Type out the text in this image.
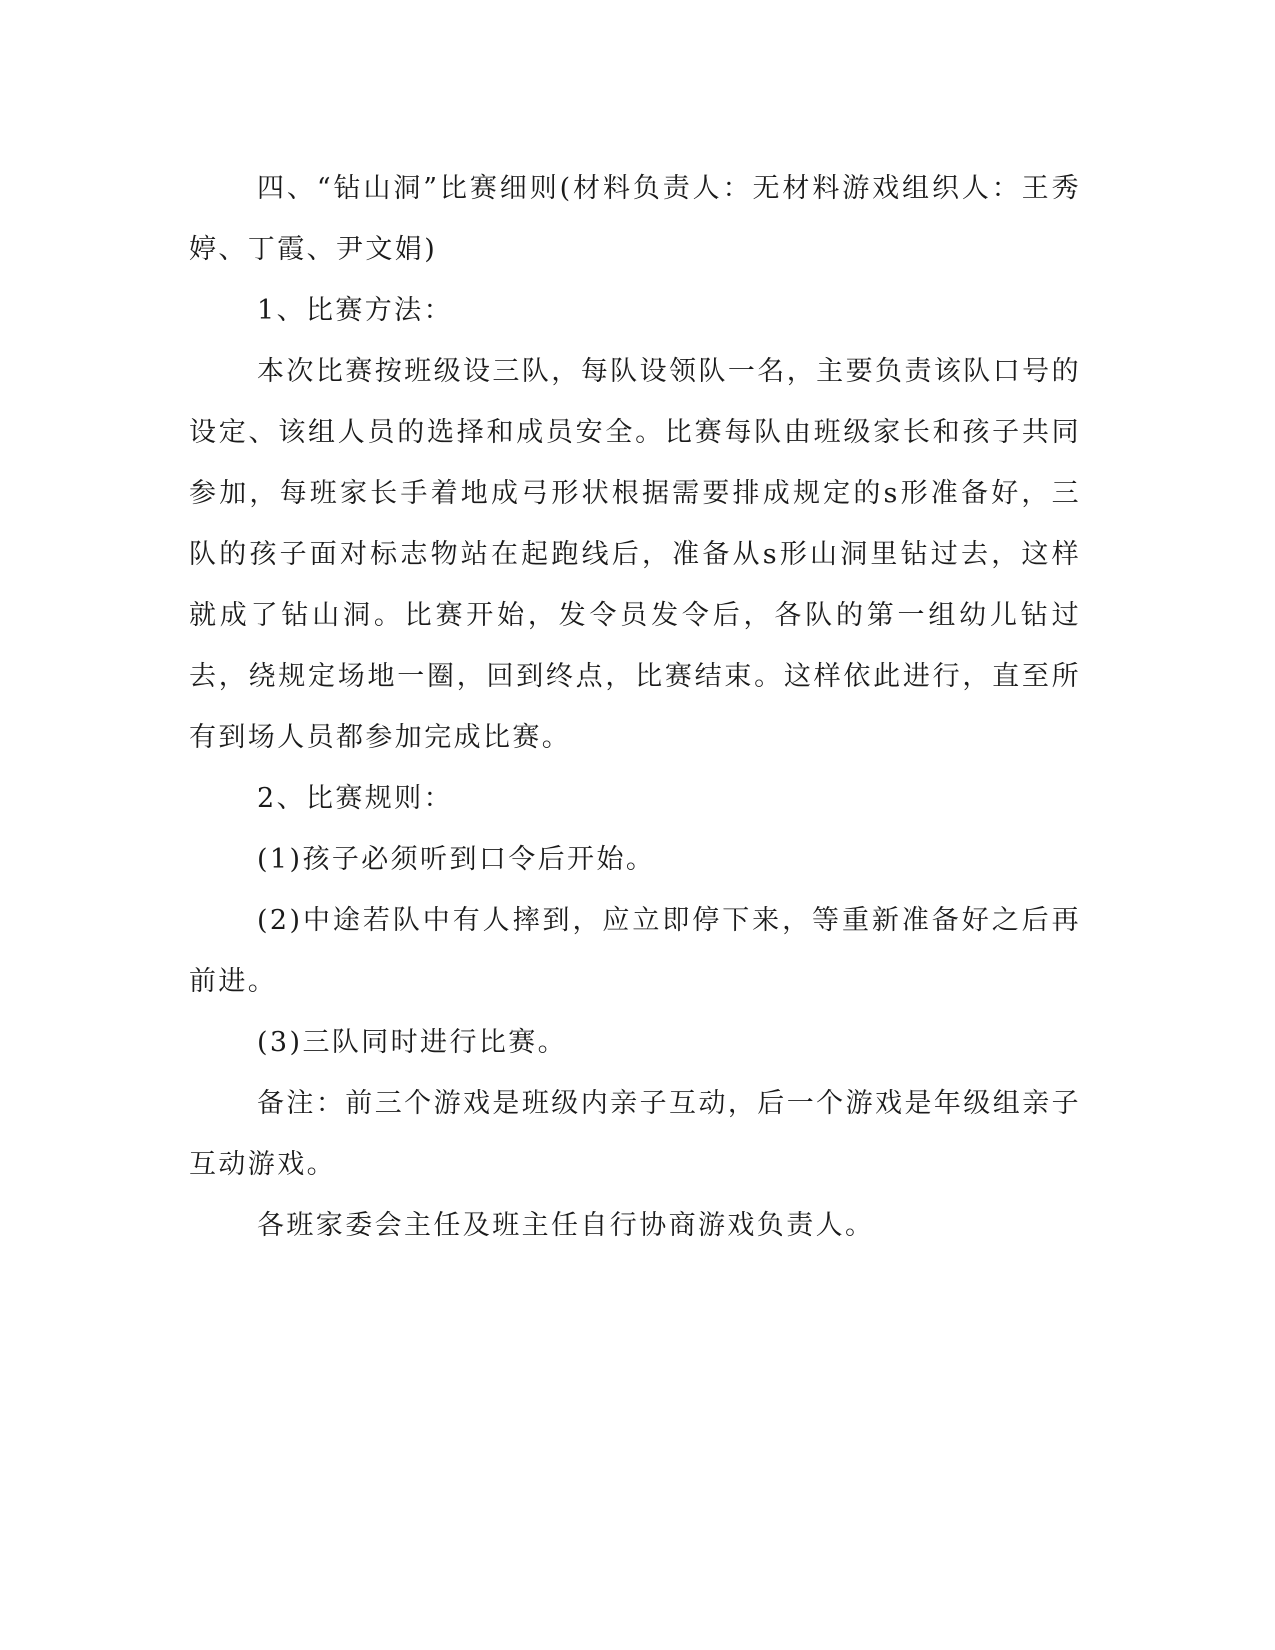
四、“钻山洞”比赛细则(材料负责人：无材料游戏组织人：王秀婷、丁霞、尹文娟)

1、比赛方法：

本次比赛按班级设三队，每队设领队一名，主要负责该队口号的设定、该组人员的选择和成员安全。比赛每队由班级家长和孩子共同参加，每班家长手着地成弓形状根据需要排成规定的s形准备好，三队的孩子面对标志物站在起跑线后，准备从s形山洞里钻过去，这样就成了钻山洞。比赛开始，发令员发令后，各队的第一组幼儿钻过去，绕规定场地一圈，回到终点，比赛结束。这样依此进行，直至所有到场人员都参加完成比赛。

2、比赛规则：

(1)孩子必须听到口令后开始。

(2)中途若队中有人摔到，应立即停下来，等重新准备好之后再前进。

(3)三队同时进行比赛。

备注：前三个游戏是班级内亲子互动，后一个游戏是年级组亲子互动游戏。

各班家委会主任及班主任自行协商游戏负责人。
